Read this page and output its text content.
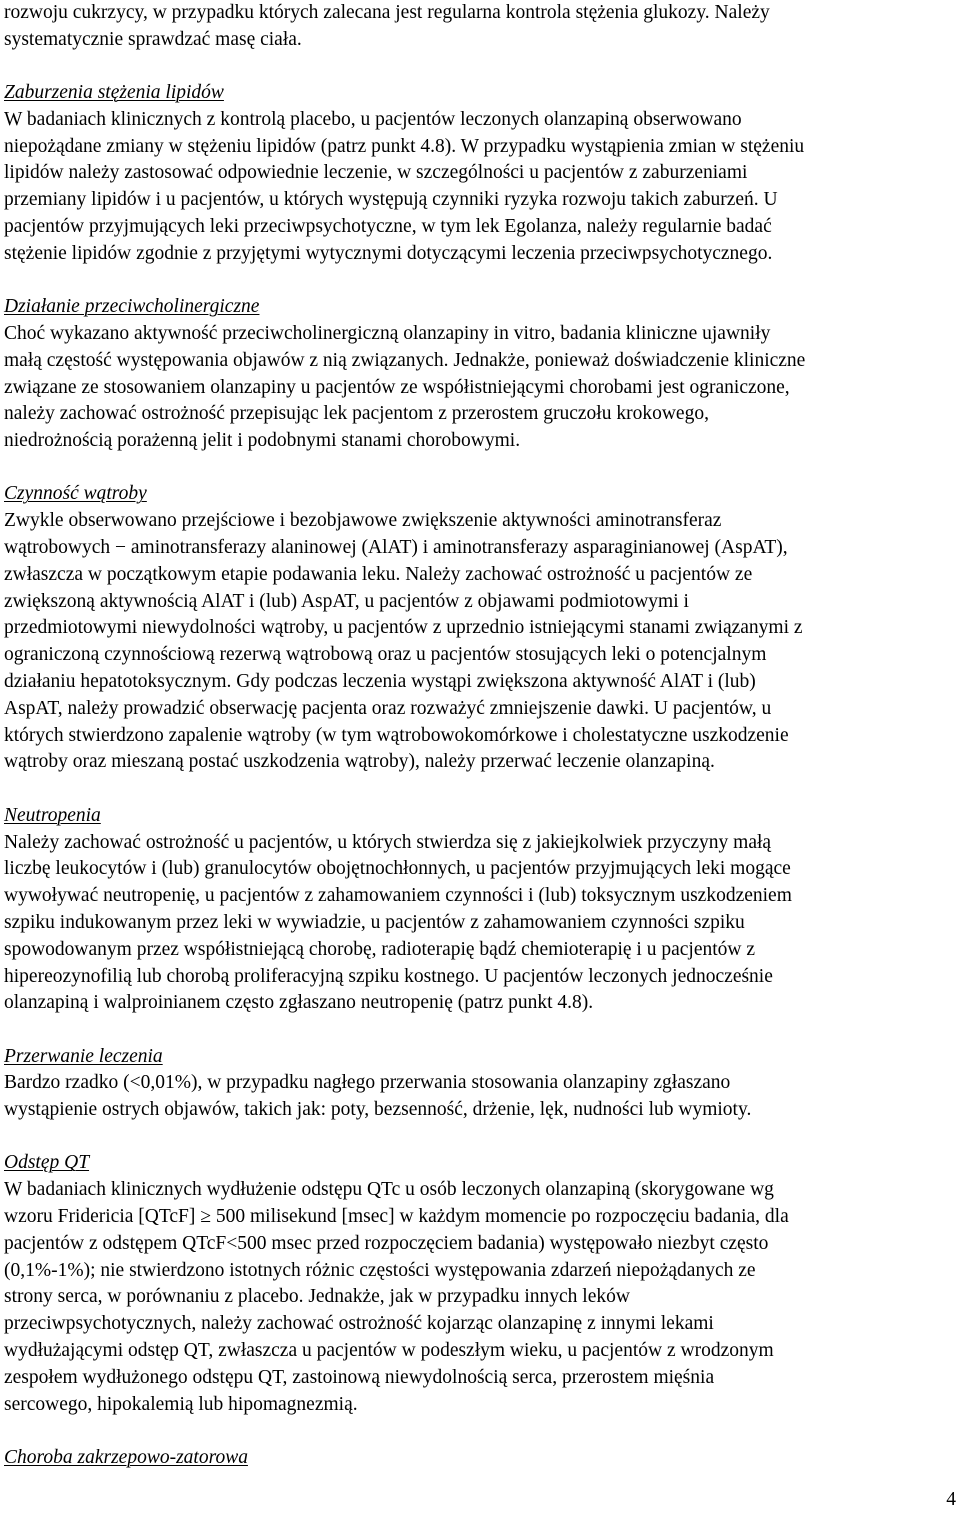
rozwoju cukrzycy, w przypadku których zalecana jest regularna kontrola stężenia glukozy. Należy
systematycznie sprawdzać masę ciała.
Zaburzenia stężenia lipidów
W badaniach klinicznych z kontrolą placebo, u pacjentów leczonych olanzapiną obserwowano
niepożądane zmiany w stężeniu lipidów (patrz punkt 4.8). W przypadku wystąpienia zmian w stężeniu
lipidów należy zastosować odpowiednie leczenie, w szczególności u pacjentów z zaburzeniami
przemiany lipidów i u pacjentów, u których występują czynniki ryzyka rozwoju takich zaburzeń. U
pacjentów przyjmujących leki przeciwpsychotyczne, w tym lek Egolanza, należy regularnie badać
stężenie lipidów zgodnie z przyjętymi wytycznymi dotyczącymi leczenia przeciwpsychotycznego.
Działanie przeciwcholinergiczne
Choć wykazano aktywność przeciwcholinergiczną olanzapiny in vitro, badania kliniczne ujawniły
małą częstość występowania objawów z nią związanych. Jednakże, ponieważ doświadczenie kliniczne
związane ze stosowaniem olanzapiny u pacjentów ze współistniejącymi chorobami jest ograniczone,
należy zachować ostrożność przepisując lek pacjentom z przerostem gruczołu krokowego,
niedrożnością porażenną jelit i podobnymi stanami chorobowymi.
Czynność wątroby
Zwykle obserwowano przejściowe i bezobjawowe zwiększenie aktywności aminotransferaz
wątrobowych − aminotransferazy alaninowej (AlAT) i aminotransferazy asparaginianowej (AspAT),
zwłaszcza w początkowym etapie podawania leku. Należy zachować ostrożność u pacjentów ze
zwiększoną aktywnością AlAT i (lub) AspAT, u pacjentów z objawami podmiotowymi i
przedmiotowymi niewydolności wątroby, u pacjentów z uprzednio istniejącymi stanami związanymi z
ograniczoną czynnościową rezerwą wątrobową oraz u pacjentów stosujących leki o potencjalnym
działaniu hepatotoksycznym. Gdy podczas leczenia wystąpi zwiększona aktywność AlAT i (lub)
AspAT, należy prowadzić obserwację pacjenta oraz rozważyć zmniejszenie dawki. U pacjentów, u
których stwierdzono zapalenie wątroby (w tym wątrobowokomórkowe i cholestatyczne uszkodzenie
wątroby oraz mieszaną postać uszkodzenia wątroby), należy przerwać leczenie olanzapiną.
Neutropenia
Należy zachować ostrożność u pacjentów, u których stwierdza się z jakiejkolwiek przyczyny małą
liczbę leukocytów i (lub) granulocytów obojętnochłonnych, u pacjentów przyjmujących leki mogące
wywoływać neutropenię, u pacjentów z zahamowaniem czynności i (lub) toksycznym uszkodzeniem
szpiku indukowanym przez leki w wywiadzie, u pacjentów z zahamowaniem czynności szpiku
spowodowanym przez współistniejącą chorobę, radioterapię bądź chemioterapię i u pacjentów z
hipereozynofilią lub chorobą proliferacyjną szpiku kostnego. U pacjentów leczonych jednocześnie
olanzapiną i walproinianem często zgłaszano neutropenię (patrz punkt 4.8).
Przerwanie leczenia
Bardzo rzadko (<0,01%), w przypadku nagłego przerwania stosowania olanzapiny zgłaszano
wystąpienie ostrych objawów, takich jak: poty, bezsenność, drżenie, lęk, nudności lub wymioty.
Odstęp QT
W badaniach klinicznych wydłużenie odstępu QTc u osób leczonych olanzapiną (skorygowane wg
wzoru Fridericia [QTcF] ≥ 500 milisekund [msec] w każdym momencie po rozpoczęciu badania, dla
pacjentów z odstępem QTcF<500 msec przed rozpoczęciem badania) występowało niezbyt często
(0,1%-1%); nie stwierdzono istotnych różnic częstości występowania zdarzeń niepożądanych ze
strony serca, w porównaniu z placebo. Jednakże, jak w przypadku innych leków
przeciwpsychotycznych, należy zachować ostrożność kojarząc olanzapinę z innymi lekami
wydłużającymi odstęp QT, zwłaszcza u pacjentów w podeszłym wieku, u pacjentów z wrodzonym
zespołem wydłużonego odstępu QT, zastoinową niewydolnością serca, przerostem mięśnia
sercowego, hipokalemią lub hipomagnezmią.
Choroba zakrzepowo-zatorowa
4
